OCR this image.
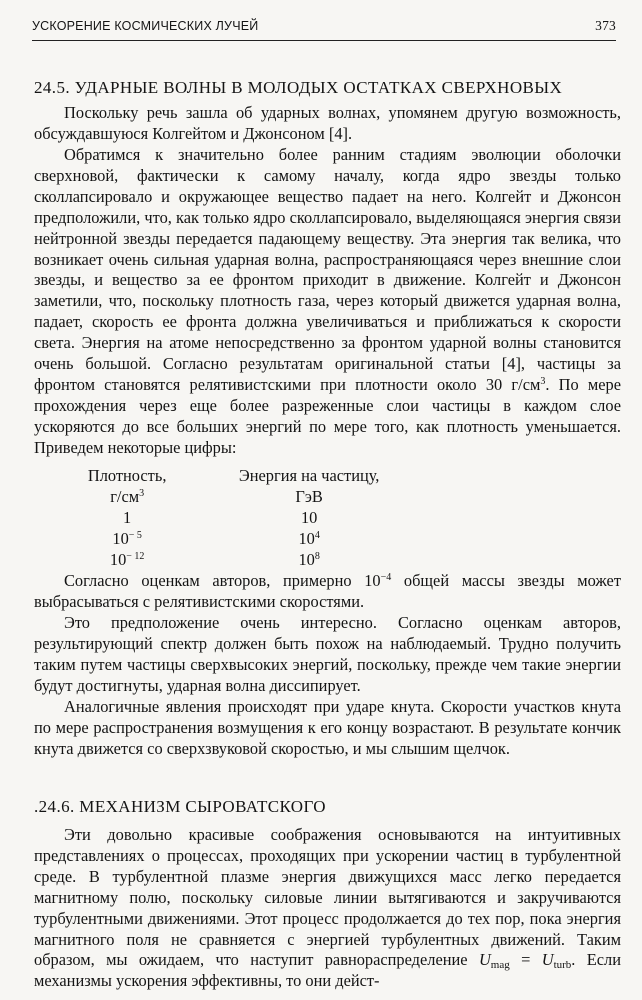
УСКОРЕНИЕ КОСМИЧЕСКИХ ЛУЧЕЙ	373
24.5. УДАРНЫЕ ВОЛНЫ В МОЛОДЫХ ОСТАТКАХ СВЕРХНОВЫХ

Поскольку речь зашла об ударных волнах, упомянем другую возможность, обсуждавшуюся Колгейтом и Джонсоном [4].

Обратимся к значительно более ранним стадиям эволюции оболочки сверхновой, фактически к самому началу, когда ядро звезды только сколлапсировало и окружающее вещество падает на него. Колгейт и Джонсон предположили, что, как только ядро сколлапсировало, выделяющаяся энергия связи нейтронной звезды передается падающему веществу. Эта энергия так велика, что возникает очень сильная ударная волна, распространяющаяся через внешние слои звезды, и вещество за ее фронтом приходит в движение. Колгейт и Джонсон заметили, что, поскольку плотность газа, через который движется ударная волна, падает, скорость ее фронта должна увеличиваться и приближаться к скорости света. Энергия на атоме непосредственно за фронтом ударной волны становится очень большой. Согласно результатам оригинальной статьи [4], частицы за фронтом становятся релятивистскими при плотности около 30 $г/см^3$. По мере прохождения через еще более разреженные слои частицы в каждом слое ускоряются до все больших энергий по мере того, как плотность уменьшается. Приведем некоторые цифры:

Плотность,	Энергия на частицу,
$г/см^3$	ГэВ
1	10
$10^{- 5}$	$10^4$
$10^{- 12}$	$10^8$

Согласно оценкам авторов, примерно $10^{-4}$ общей массы звезды может выбрасываться с релятивистскими скоростями.

Это предположение очень интересно. Согласно оценкам авторов, результирующий спектр должен быть похож на наблюдаемый. Трудно получить таким путем частицы сверхвысоких энергий, поскольку, прежде чем такие энергии будут достигнуты, ударная волна диссипирует.

Аналогичные явления происходят при ударе кнута. Скорости участков кнута по мере распространения возмущения к его концу возрастают. В результате кончик кнута движется со сверхзвуковой скоростью, и мы слышим щелчок.

.24.6. МЕХАНИЗМ СЫРОВАТСКОГО

Эти довольно красивые соображения основываются на интуитивных представлениях о процессах, проходящих при ускорении частиц в турбулентной среде. В турбулентной плазме энергия движущихся масс легко передается магнитному полю, поскольку силовые линии вытягиваются и закручиваются турбулентными движениями. Этот процесс продолжается до тех пор, пока энергия магнитного поля не сравняется с энергией турбулентных движений. Таким образом, мы ожидаем, что наступит равнораспределение $U_{mag} = U_{turb}$. Если механизмы ускорения эффективны, то они дейст-
